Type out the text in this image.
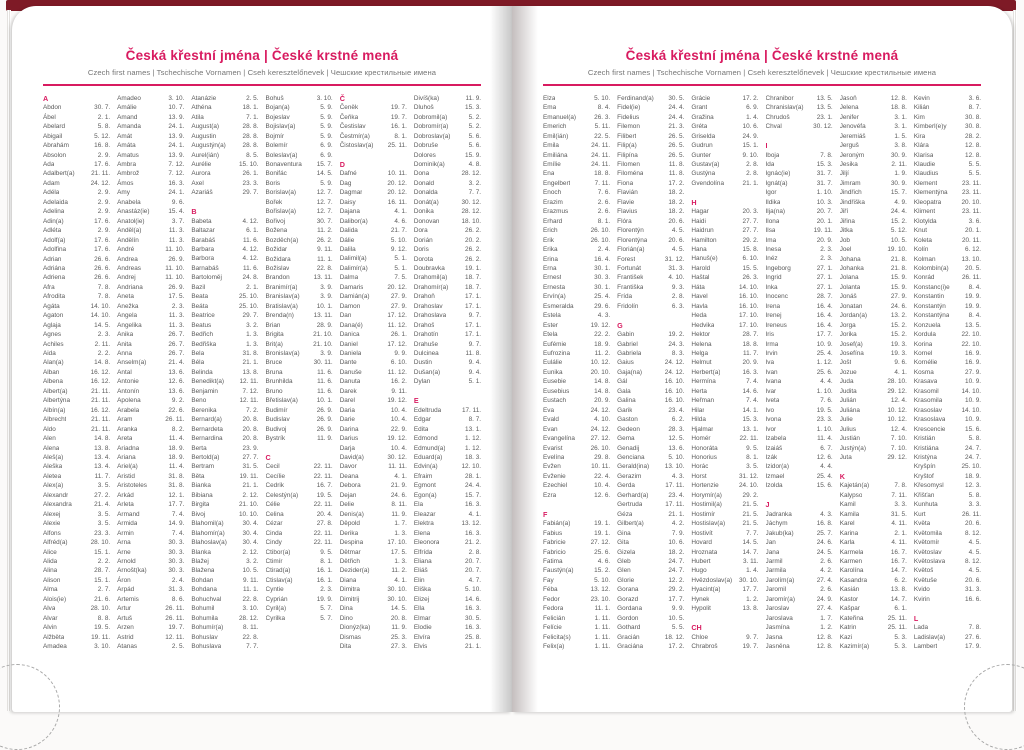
Česká křestní jména | České krstné mená
Czech first names | Tschechische Vornamen | Cseh keresztelőnevek | Чешские крестильные имена
A
Abdon	30. 7.
Ábel	2. 1.
Abelard	5. 8.
Abigail	5. 12.
Abrahám	16. 8.
Absolon	2. 9.
Ada	17. 6.
Adalbert(a)	21. 11.
Adam	24. 12.
Adéla	2. 9.
Adelaida	2. 9.
Adelina	2. 9.
Adin(a)	17. 6.
Adléta	2. 9.
Adolf(a)	17. 6.
Adolfina	17. 6.
Adrian	26. 6.
Adriána	26. 6.
Adriena	26. 6.
Afra	7. 8.
Afrodita	7. 8.
Agáta	14. 10.
Agaton	14. 10.
Aglaja	14. 5.
Agnes	2. 3.
Achiles	2. 11.
Aida	2. 2.
Alan(a)	14. 8.
Alban	16. 12.
Albena	16. 12.
Albert(a)	21. 11.
Albertýna	21. 11.
Albín(a)	16. 12.
Albrecht	21. 11.
Aldo	21. 11.
Alen	14. 8.
Alena	13. 8.
Aleš(a)	13. 4.
Aleška	13. 4.
Aletea	11. 7.
Alex(a)	3. 5.
Alexandr	27. 2.
Alexandra	21. 4.
Alexej	3. 5.
Alexie	3. 5.
Alfons	23. 3.
Alfréd(a)	28. 10.
Alice	15. 1.
Alida	2. 2.
Alina	28. 7.
Alison	15. 1.
Alma	2. 7.
Alois(ie)	21. 6.
Alva	28. 10.
Alvar	8. 8.
Alvin	19. 5.
Alžběta	19. 11.
Amadea	3. 10.
Amadeo	3. 10.
Amálie	10. 7.
Amand	13. 9.
Amanda	24. 1.
Amát	13. 9.
Amáta	24. 1.
Amatus	13. 9.
Ambra	7. 12.
Ambrož	7. 12.
Ámos	16. 3.
Amy	24. 1.
Anabela	9. 6.
Anastáz(ie)	15. 4.
Anatol(ie)	3. 7.
Anděl(a)	11. 3.
Andělín	11. 3.
André	11. 10.
Andrea	26. 9.
Andreas	11. 10.
Andrej	11. 10.
Andriana	26. 9.
Aneta	17. 5.
Anežka	2. 3.
Angela	11. 3.
Angelika	11. 3.
Anika	26. 7.
Anita	26. 7.
Anna	26. 7.
Anselm(a)	21. 4.
Antal	13. 6.
Antonie	12. 6.
Antonín	13. 6.
Apolena	9. 2.
Arabela	22. 6.
Aram	26. 11.
Aranka	8. 2.
Areta	11. 4.
Ariadna	18. 9.
Ariana	18. 9.
Ariel(a)	11. 4.
Aristid	31. 8.
Aristoteles	31. 8.
Arkád	12. 1.
Arleta	17. 7.
Armand	7. 4.
Armida	14. 9.
Armin	7. 4.
Arna	30. 3.
Arne	30. 3.
Arnold	30. 3.
Arnošt(ka)	30. 3.
Áron	2. 4.
Arpád	31. 3.
Artemis	8. 6.
Artur	26. 11.
Artuš	26. 11.
Arzen	19. 7.
Astrid	12. 11.
Atanas	2. 5.
Atanázie	2. 5.
Athéna	18. 1.
Atila	7. 1.
August(a)	28. 8.
Augustin	28. 8.
Augustýn(a)	28. 8.
Aurel(ián)	8. 5.
Aurélie	15. 10.
Aurora	26. 1.
Axel	23. 3.
Azariáš	29. 7.
B
Babeta	4. 12.
Baltazar	6. 1.
Barabáš	11. 6.
Barbara	4. 12.
Barbora	4. 12.
Barnabáš	11. 6.
Bartoloměj	24. 8.
Bazil	2. 1.
Beata	25. 10.
Beáta	25. 10.
Beatrice	29. 7.
Beatus	3. 2.
Bedřich	1. 3.
Bedřiška	1. 3.
Bela	31. 8.
Béla	21. 1.
Belinda	13. 8.
Benedikt(a) 12. 11.
Benjamin	7. 12.
Beno	12. 11.
Berenika	7. 2.
Bernard(a)	20. 8.
Bernardeta	20. 8.
Bernardina	20. 8.
Berta	23. 9.
Bertold(a)	27. 7.
Bertram	31. 5.
Běta	19. 11.
Bianka	21. 1.
Bibiana	2. 12.
Birgita	21. 10.
Bivoj	10. 10.
Blahomil(a)	30. 4.
Blahomír(a)	30. 4.
Blahoslav(a) 30. 4.
Blanka	2. 12.
Blažej	3. 2.
Blažena	10. 5.
Bohdan	9. 11.
Bohdana	11. 1.
Bohuchval	22. 8.
Bohumil	3. 10.
Bohumila	28. 12.
Bohumír(a)	8. 11.
Bohuslav	22. 8.
Bohuslava	7. 7.
Bohuš	3. 10.
Bojan(a)	5. 9.
Bojeslav	5. 9.
Bojislav(a)	5. 9.
Bojmír	5. 9.
Bolemír	6. 9.
Boleslav(a)	6. 9.
Bonaventura 15. 7.
Bonifác	14. 5.
Boris	5. 9.
Borislav(a)	12. 7.
Bořek	12. 7.
Bořislav(a)	12. 7.
Bořivoj	30. 7.
Božena	11. 2.
Bozděch(a)	26. 2.
Božidar	9. 11.
Božidara	11. 1.
Božislav	22. 8.
Brandon	13. 11.
Branimír(a)	3. 9.
Branislav(a)	3. 9.
Bratislav(a)	10. 1.
Brenda(n)	13. 11.
Brian	28. 9.
Brigita	21. 10.
Brit(a)	21. 10.
Bronislav(a)	3. 9.
Bruce	30. 11.
Bruna	11. 6.
Brunhilda	11. 6.
Bruno	11. 6.
Břetislav(a)	10. 1.
Budimír	26. 9.
Budislav	26. 9.
Budivoj	26. 9.
Bystrík	11. 9.
C
Cecil	22. 11.
Cecílie	22. 11.
Cedrik	16. 7.
Celestýn(a)	19. 5.
Célie	22. 11.
Celina	20. 4.
Cézar	27. 8.
Cinda	22. 11.
Cindy	22. 11.
Ctibor(a)	9. 5.
Ctimír	8. 1.
Ctirad(a)	16. 1.
Ctislav(a)	16. 1.
Cyntie	2. 3.
Cyprián	19. 9.
Cyril(a)	5. 7.
Cyrilka	5. 7.
Č
Čeněk	19. 7.
Čeňka	19. 7.
Čestislav	16. 1.
Čestmír(a)	8. 1.
Čistoslav(a) 25. 11.
D
Dafné	10. 11.
Dag	20. 12.
Dagmar	20. 12.
Daisy	16. 11.
Dajana	4. 1.
Dalibor(a)	4. 6.
Dalida	21. 7.
Dálie	5. 10.
Dalila	9. 12.
Dalimil(a)	5. 1.
Dalimír(a)	5. 1.
Dalma	7. 5.
Damaris	20. 12.
Damián(a)	27. 9.
Damon	27. 9.
Dan	17. 12.
Dana(é)	11. 12.
Danica	26. 1.
Daniel	17. 12.
Daniela	9. 9.
Dante	6. 10.
Danuše	11. 12.
Danuta	16. 2.
Darek	9. 11.
Darel	19. 12.
Daria	10. 4.
Darie	10. 4.
Darina	22. 9.
Darius	19. 12.
Darja	10. 4.
David(a)	30. 12.
Davor	11. 11.
Deana	4. 1.
Debora	21. 9.
Dejan	24. 6.
Delie	8. 11.
Denis(a)	11. 9.
Děpold	1. 7.
Derika	1. 3.
Despina	17. 10.
Dětmar	17. 5.
Dětřich	1. 3.
Dezider(a)	11. 2.
Diana	4. 1.
Dimitra	30. 10.
Dimitrij	30. 10.
Dina	14. 5.
Dino	20. 8.
Dionýz(ka)	11. 9.
Dismas	25. 3.
Dita	27. 3.
Divíš(ka)	11. 9.
Dluhoš	15. 3.
Dobromil(a)	5. 2.
Dobromír(a)	5. 2.
Dobroslav(a)	5. 6.
Dobruše	5. 6.
Dolores	15. 9.
Dominik(a)	4. 8.
Dona	28. 12.
Donald	3. 2.
Donalda	7. 7.
Donát(a)	30. 12.
Donika	28. 12.
Donovan	18. 10.
Dora	26. 2.
Dorián	20. 2.
Doris	26. 2.
Dorota	26. 2.
Doubravka	19. 1.
Drahomil(a)	18. 7.
Drahomír(a)	18. 7.
Drahoň	17. 1.
Drahoslav	17. 1.
Drahoslava	9. 7.
Drahoš	17. 1.
Drahotín	17. 1.
Drahuše	9. 7.
Dulcinea	11. 8.
Dustin	9. 4.
Dušan(a)	9. 4.
Dylan	5. 1.
E
Edeltruda	17. 11.
Edgar	8. 7.
Edita	13. 1.
Edmond	1. 12.
Edmund(a)	1. 12.
Eduard(a)	18. 3.
Edvin(a)	12. 10.
Efraim	28. 1.
Egmont	24. 4.
Egon(a)	15. 7.
Ela	16. 3.
Eleazar	4. 1.
Elektra	13. 12.
Elena	16. 3.
Eleonora	21. 2.
Elfrída	2. 8.
Eliana	20. 7.
Eliáš	20. 7.
Elin	4. 7.
Eliška	5. 10.
Elizej	14. 6.
Ella	16. 3.
Elmar	30. 5.
Elodie	16. 3.
Elvíra	25. 8.
Elvis	21. 1.
Česká křestní jména | České krstné mená
Czech first names | Tschechische Vornamen | Cseh keresztelőnevek | Чешские крестильные имена
Elza	5. 10.
Ema	8. 4.
Emanuel(a)	26. 3.
Emerich	5. 11.
Emil(ián)	22. 5.
Emila	24. 11.
Emiliána	24. 11.
Emílie	24. 11.
Ena	18. 8.
Engelbert	7. 11.
Enoch	7. 6.
Erazim	2. 6.
Erazmus	2. 6.
Erhard	8. 1.
Erich	26. 10.
Erik	26. 10.
Erika	2. 4.
Erina	16. 4.
Erna	30. 1.
Ernest	30. 3.
Ernesta	30. 1.
Ervín(a)	25. 4.
Esmeralda	29. 6.
Estela	4. 3.
Ester	19. 12.
Etela	22. 2.
Eufémie	18. 9.
Eufrozina	11. 2.
Eulálie	10. 12.
Eunika	20. 10.
Eusebie	14. 8.
Eusebius	14. 8.
Eustach	20. 9.
Eva	24. 12.
Evald	4. 10.
Evan	24. 12.
Evangelína 27. 12.
Evarist	26. 10.
Evelína	29. 8.
Evžen	10. 11.
Evženie	22. 4.
Ezechiel	10. 4.
Ezra	12. 6.
F
Fabián(a)	19. 1.
Fabius	19. 1.
Fabricie	27. 12.
Fabricio	25. 6.
Fatima	4. 6.
Faustýn(a)	15. 2.
Fay	5. 10.
Féba	13. 12.
Fedor	23. 10.
Fedora	11. 1.
Felicián	1. 11.
Felície	1. 11.
Felicita(s)	1. 11.
Felix(a)	1. 11.
Ferdinand(a) 30. 5.
Fidel(ie)	24. 4.
Fidelius	24. 4.
Filemon	21. 3.
Filibert	26. 5.
Filip(a)	26. 5.
Filipína	26. 5.
Filomen	11. 8.
Filoména	11. 8.
Fiona	17. 2.
Flavián	18. 2.
Flavie	18. 2.
Flavius	18. 2.
Flóra	20. 6.
Florentýn	4. 5.
Florentýna	20. 6.
Florián(a)	4. 5.
Forest	31. 12.
Fortunát	31. 3.
František	4. 10.
Františka	9. 3.
Frída	2. 8.
Fridolín	6. 3.
G
Gabin	19. 2.
Gabriel	24. 3.
Gabriela	8. 3.
Gaius	24. 12.
Gaja(na)	24. 12.
Gál	16. 10.
Gala	16. 10.
Galina	16. 10.
Garik	23. 4.
Gaston	6. 2.
Gedeon	28. 3.
Gema	12. 5.
Genadij	13. 6.
Genciana	5. 10.
Gerald(ina) 13. 10.
Gerazim	4. 3.
Gerda	17. 11.
Gerhard(a)	23. 4.
Gertruda	17. 11.
Géza	21. 1.
Gilbert(a)	4. 2.
Gina	7. 9.
Gita	10. 6.
Gizela	18. 2.
Gleb	24. 7.
Glen	24. 7.
Glorie	12. 2.
Gorana	29. 2.
Gorazd	17. 7.
Gordana	9. 9.
Gordon	10. 5.
Gothard	5. 5.
Gracián	18. 12.
Graciána	17. 2.
Grácie	17. 2.
Grant	6. 9.
Gražina	1. 4.
Gréta	10. 6.
Griselda	24. 9.
Gudrun	15. 1.
Gunter	9. 10.
Gustav(a)	2. 8.
Gustýna	2. 8.
Gvendolína	21. 1.
H
Hagar	20. 3.
Haidi	27. 7.
Haidrun	27. 7.
Hamilton	29. 2.
Hana	15. 8.
Hanuš(e)	6. 10.
Harold	15. 5.
Haštal	26. 3.
Háta	14. 10.
Havel	16. 10.
Havla	16. 10.
Heda	17. 10.
Hedvika	17. 10.
Hektor	28. 7.
Helena	18. 8.
Helga	11. 7.
Helmut	20. 9.
Herbert(a)	16. 3.
Hermína	7. 4.
Herta	14. 6.
Heřman	7. 4.
Hilar	14. 1.
Hilda	15. 3.
Hjalmar	13. 1.
Homér	22. 11.
Honoráta	9. 5.
Honorius	8. 1.
Horác	3. 5.
Horst	31. 12.
Hortenzie	24. 10.
Horymír(a)	29. 2.
Hostimil(a)	21. 5.
Hostimír	21. 5.
Hostislav(a)	21. 5.
Hostivít	7. 7.
Hovard	14. 5.
Hroznata	14. 7.
Hubert	3. 11.
Hugo	1. 4.
Hvězdoslav(a) 30. 10.
Hyacint(a)	17. 7.
Hynek	1. 2.
Hypolit	13. 8.
CH
Chloe	9. 7.
Chrabroš	19. 7.
Chranibor	13. 5.
Chranislav(a) 13. 5.
Chrudoš	23. 1.
Chval	30. 12.
I
Iboja	7. 8.
Ida	15. 3.
Ignác(ie)	31. 7.
Ignát(a)	31. 7.
Igor	1. 10.
Ildika	10. 3.
Ilja(na)	20. 7.
Ilona	20. 1.
Ilsa	19. 11.
Ima	20. 9.
Inesa	2. 3.
Inéz	2. 3.
Ingeborg	27. 1.
Ingrid	27. 1.
Inka	27. 1.
Inocenc	28. 7.
Irena	16. 4.
Irenej	16. 4.
Ireneus	16. 4.
Iris	17. 7.
Irma	10. 9.
Irvin	25. 4.
Iva	1. 12.
Ivan	25. 6.
Ivana	4. 4.
Ivar	1. 10.
Iveta	7. 6.
Ivo	19. 5.
Ivona	23. 3.
Ivor	1. 10.
Izabela	11. 4.
Izaiáš	6. 7.
Izák	12. 6.
Izidor(a)	4. 4.
Izmael	25. 4.
Izolda	15. 6.
J
Jadranka	4. 3.
Jáchym	16. 8.
Jakub(ka)	25. 7.
Jan	24. 6.
Jana	24. 5.
Jarmil	2. 6.
Jarmila	4. 2.
Jarolím(a)	27. 4.
Jaromil	2. 6.
Jaromír(a)	24. 9.
Jaroslav	27. 4.
Jaroslava	1. 7.
Jasmína	1. 2.
Jasna	12. 8.
Jasněna	12. 8.
Jasoň	12. 8.
Jelena	18. 8.
Jenifer	3. 1.
Jenovéfa	3. 1.
Jeremiáš	1. 5.
Jerguš	3. 8.
Jeroným	30. 9.
Jesika	2. 11.
Jiljí	1. 9.
Jimram	30. 9.
Jindřich	15. 7.
Jindřiška	4. 9.
Jiří	24. 4.
Jiřina	15. 2.
Jitka	5. 12.
Job	10. 5.
Joel	19. 10.
Johana	21. 8.
Johanka	21. 8.
Jolana	15. 9.
Jolanta	15. 9.
Jonáš	27. 9.
Jonatan	24. 6.
Jordan(a)	13. 2.
Jorga	15. 2.
Jorika	15. 2.
Josef(a)	19. 3.
Josefína	19. 3.
Jošt	9. 6.
Jozue	4. 1.
Juda	28. 10.
Judita	29. 12.
Julián	12. 4.
Juliána	10. 12.
Julie	10. 12.
Julius	12. 4.
Justián	7. 10.
Justýn(a)	7. 10.
Juta	29. 12.
K
Kajetán(a)	7. 8.
Kalypso	7. 11.
Kamil	3. 3.
Kamila	31. 5.
Karel	4. 11.
Karina	2. 1.
Karla	4. 11.
Karmela	16. 7.
Karmen	16. 7.
Karolína	14. 7.
Kasandra	6. 2.
Kasián	13. 8.
Kastor	14. 7.
Kašpar	6. 1.
Kateřina	25. 11.
Katrin	25. 11.
Kazi	5. 3.
Kazimír(a)	5. 3.
Kevin	3. 6.
Kilián	8. 7.
Kim	30. 8.
Kimberl(e)y	30. 8.
Kira	28. 2.
Klára	12. 8.
Klarisa	12. 8.
Klaudie	5. 5.
Klaudius	5. 5.
Klement	23. 11.
Klementýna 23. 11.
Kleopatra	20. 10.
Kliment	23. 11.
Klotylda	3. 6.
Knut	20. 1.
Koleta	20. 11.
Kolín	6. 12.
Kolman	13. 10.
Kolombín(a)	20. 5.
Konrád	26. 11.
Konstanc(i)e	8. 4.
Konstantin	19. 9.
Konstantýn	19. 9.
Konstantýna	8. 4.
Konzuela	13. 5.
Kordula	22. 10.
Korina	22. 10.
Kornel	16. 9.
Kornélie	16. 9.
Kosma	27. 9.
Krasava	10. 9.
Krasomil	14. 10.
Krasomila	10. 9.
Krasoslav	14. 10.
Krasoslava	10. 9.
Krescencie	15. 6.
Kristián	5. 8.
Kristiána	24. 7.
Kristýna	24. 7.
Kryšpín	25. 10.
Kryštof	18. 9.
Křesomysl	12. 3.
Křišťan	5. 8.
Kunhuta	3. 3.
Kurt	26. 11.
Květa	20. 6.
Květomila	8. 12.
Květomír	4. 5.
Květoslav	4. 5.
Květoslava	8. 12.
Květoš	4. 5.
Květuše	20. 6.
Kvido	31. 3.
Kvirin	16. 6.
L
Lada	7. 8.
Ladislav(a)	27. 6.
Lambert	17. 9.
